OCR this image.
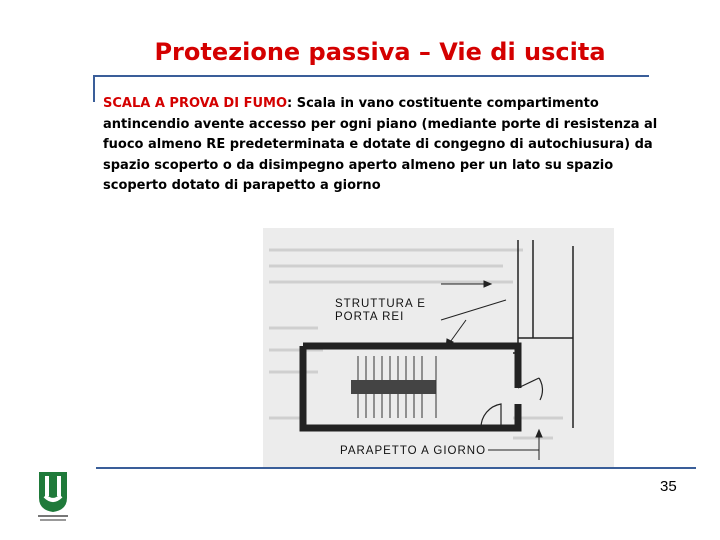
Protezione passiva – Vie di uscita
SCALA A PROVA DI FUMO: Scala in vano costituente compartimento antincendio avente accesso per ogni piano (mediante porte di resistenza al fuoco almeno RE predeterminata e dotate di congegno di autochiusura) da spazio scoperto o da disimpegno aperto almeno per un lato su spazio scoperto dotato di parapetto a giorno
STRUTTURA E
PORTA REI
PARAPETTO A GIORNO
35
